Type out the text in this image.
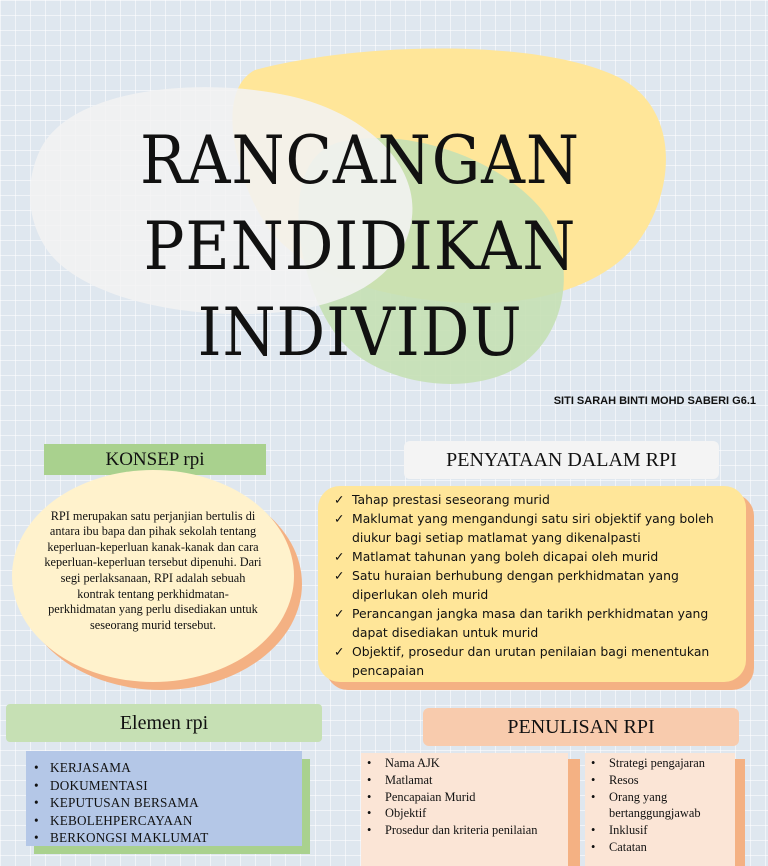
RANCANGAN
PENDIDIKAN
INDIVIDU
SITI SARAH BINTI MOHD SABERI G6.1
KONSEP rpi
RPI merupakan satu perjanjian bertulis di antara ibu bapa dan pihak sekolah tentang keperluan-keperluan kanak-kanak dan cara keperluan-keperluan tersebut dipenuhi. Dari segi perlaksanaan, RPI adalah sebuah kontrak tentang perkhidmatan-perkhidmatan yang perlu disediakan untuk seseorang murid tersebut.
PENYATAAN DALAM RPI
✓ Tahap prestasi seseorang murid
✓ Maklumat yang mengandungi satu siri objektif yang boleh diukur bagi setiap matlamat yang dikenalpasti
✓ Matlamat tahunan yang boleh dicapai oleh murid
✓ Satu huraian berhubung dengan perkhidmatan yang diperlukan oleh murid
✓ Perancangan jangka masa dan tarikh perkhidmatan yang dapat disediakan untuk murid
✓ Objektif, prosedur dan urutan penilaian bagi menentukan pencapaian
Elemen rpi
• KERJASAMA
• DOKUMENTASI
• KEPUTUSAN BERSAMA
• KEBOLEHPERCAYAAN
• BERKONGSI MAKLUMAT
PENULISAN RPI
• Nama AJK
• Matlamat
• Pencapaian Murid
• Objektif
• Prosedur dan kriteria penilaian
• Strategi pengajaran
• Resos
• Orang yang bertanggungjawab
• Inklusif
• Catatan
